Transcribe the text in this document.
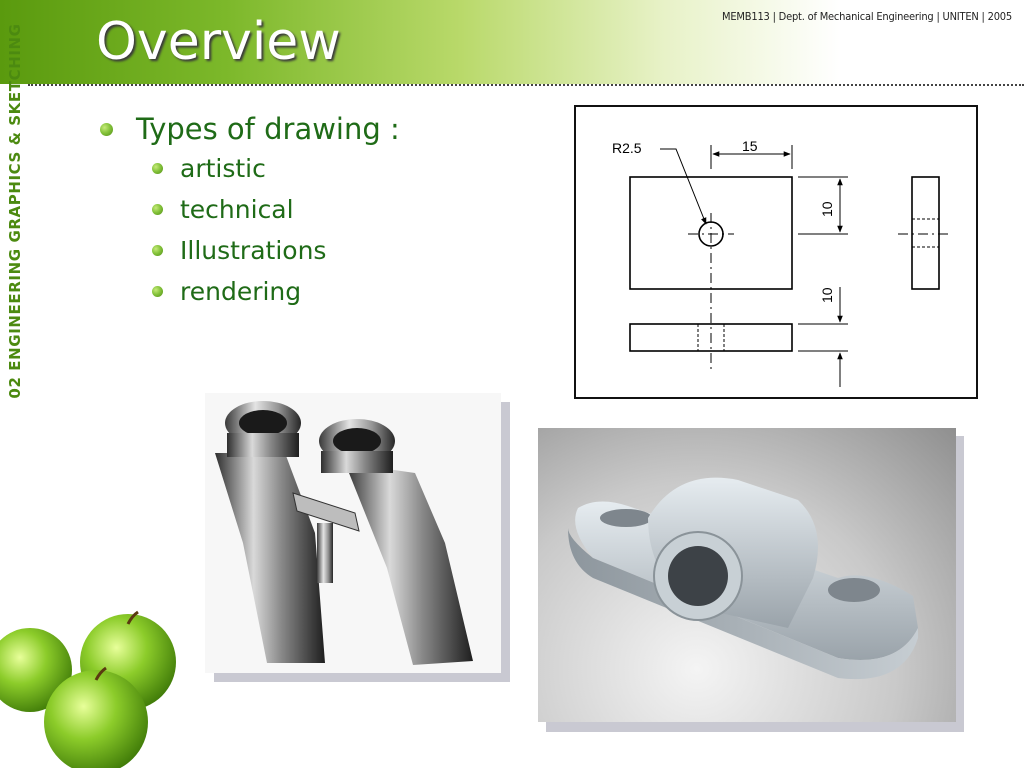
Overview	MEMB113 | Dept. of Mechanical Engineering | UNITEN | 2005
02 ENGINEERING GRAPHICS & SKETCHING	Types of drawing :
artistic
technical
Illustrations
rendering
R2.5	15
10
10
